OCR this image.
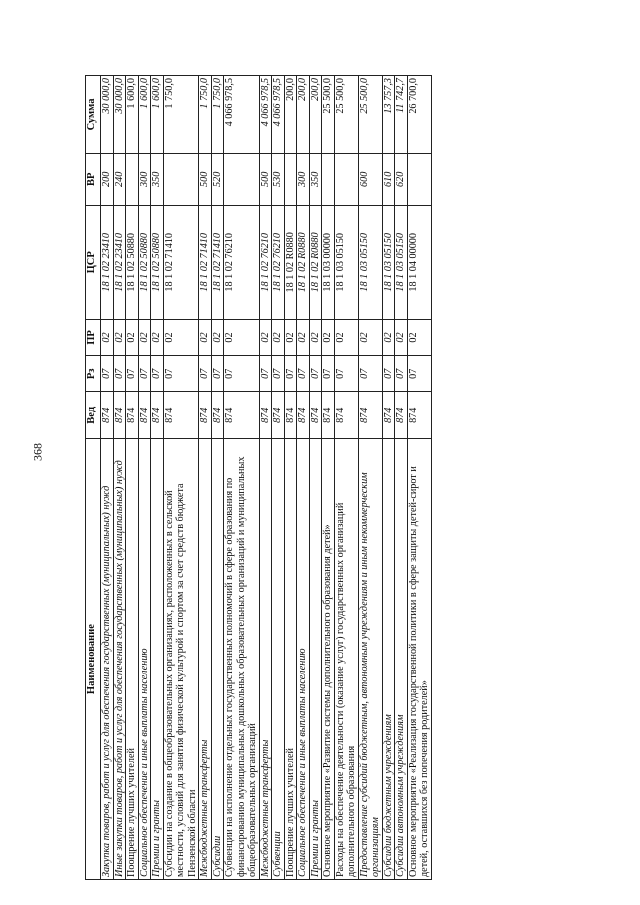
368
Наименование	Вед	Рз	ПР	ЦСР	ВР	Сумма
Закупка товаров, работ и услуг для обеспечения государственных (муниципальных) нужд	874	07	02	18 1 02 23410	200	30 000,0
Иные закупки товаров, работ и услуг для обеспечения государственных (муниципальных) нужд	874	07	02	18 1 02 23410	240	30 000,0
Поощрение лучших учителей	874	07	02	18 1 02 50880		1 600,0
Социальное обеспечение и иные выплаты населению	874	07	02	18 1 02 50880	300	1 600,0
Премии и гранты	874	07	02	18 1 02 50880	350	1 600,0
Субсидии на создание в общеобразовательных организациях, расположенных в сельской местности, условий для занятия физической культурой и спортом за счет средств бюджета Пензенской области	874	07	02	18 1 02 71410		1 750,0
Межбюджетные трансферты	874	07	02	18 1 02 71410	500	1 750,0
Субсидии	874	07	02	18 1 02 71410	520	1 750,0
Субвенции на исполнение отдельных государственных полномочий в сфере образования по финансированию муниципальных дошкольных образовательных организаций и муниципальных общеобразовательных организаций	874	07	02	18 1 02 76210		4 066 978,5
Межбюджетные трансферты	874	07	02	18 1 02 76210	500	4 066 978,5
Субвенции	874	07	02	18 1 02 76210	530	4 066 978,5
Поощрение лучших учителей	874	07	02	18 1 02 R0880		200,0
Социальное обеспечение и иные выплаты населению	874	07	02	18 1 02 R0880	300	200,0
Премии и гранты	874	07	02	18 1 02 R0880	350	200,0
Основное мероприятие «Развитие системы дополнительного образования детей»	874	07	02	18 1 03 00000		25 500,0
Расходы на обеспечение деятельности (оказание услуг) государственных организаций дополнительного образования	874	07	02	18 1 03 05150		25 500,0
Предоставление субсидий бюджетным, автономным учреждениям и иным некоммерческим организациям	874	07	02	18 1 03 05150	600	25 500,0
Субсидии бюджетным учреждениям	874	07	02	18 1 03 05150	610	13 757,3
Субсидии автономным учреждениям	874	07	02	18 1 03 05150	620	11 742,7
Основное мероприятие «Реализация государственной политики в сфере защиты детей-сирот и детей, оставшихся без попечения родителей»	874	07	02	18 1 04 00000		26 700,0
